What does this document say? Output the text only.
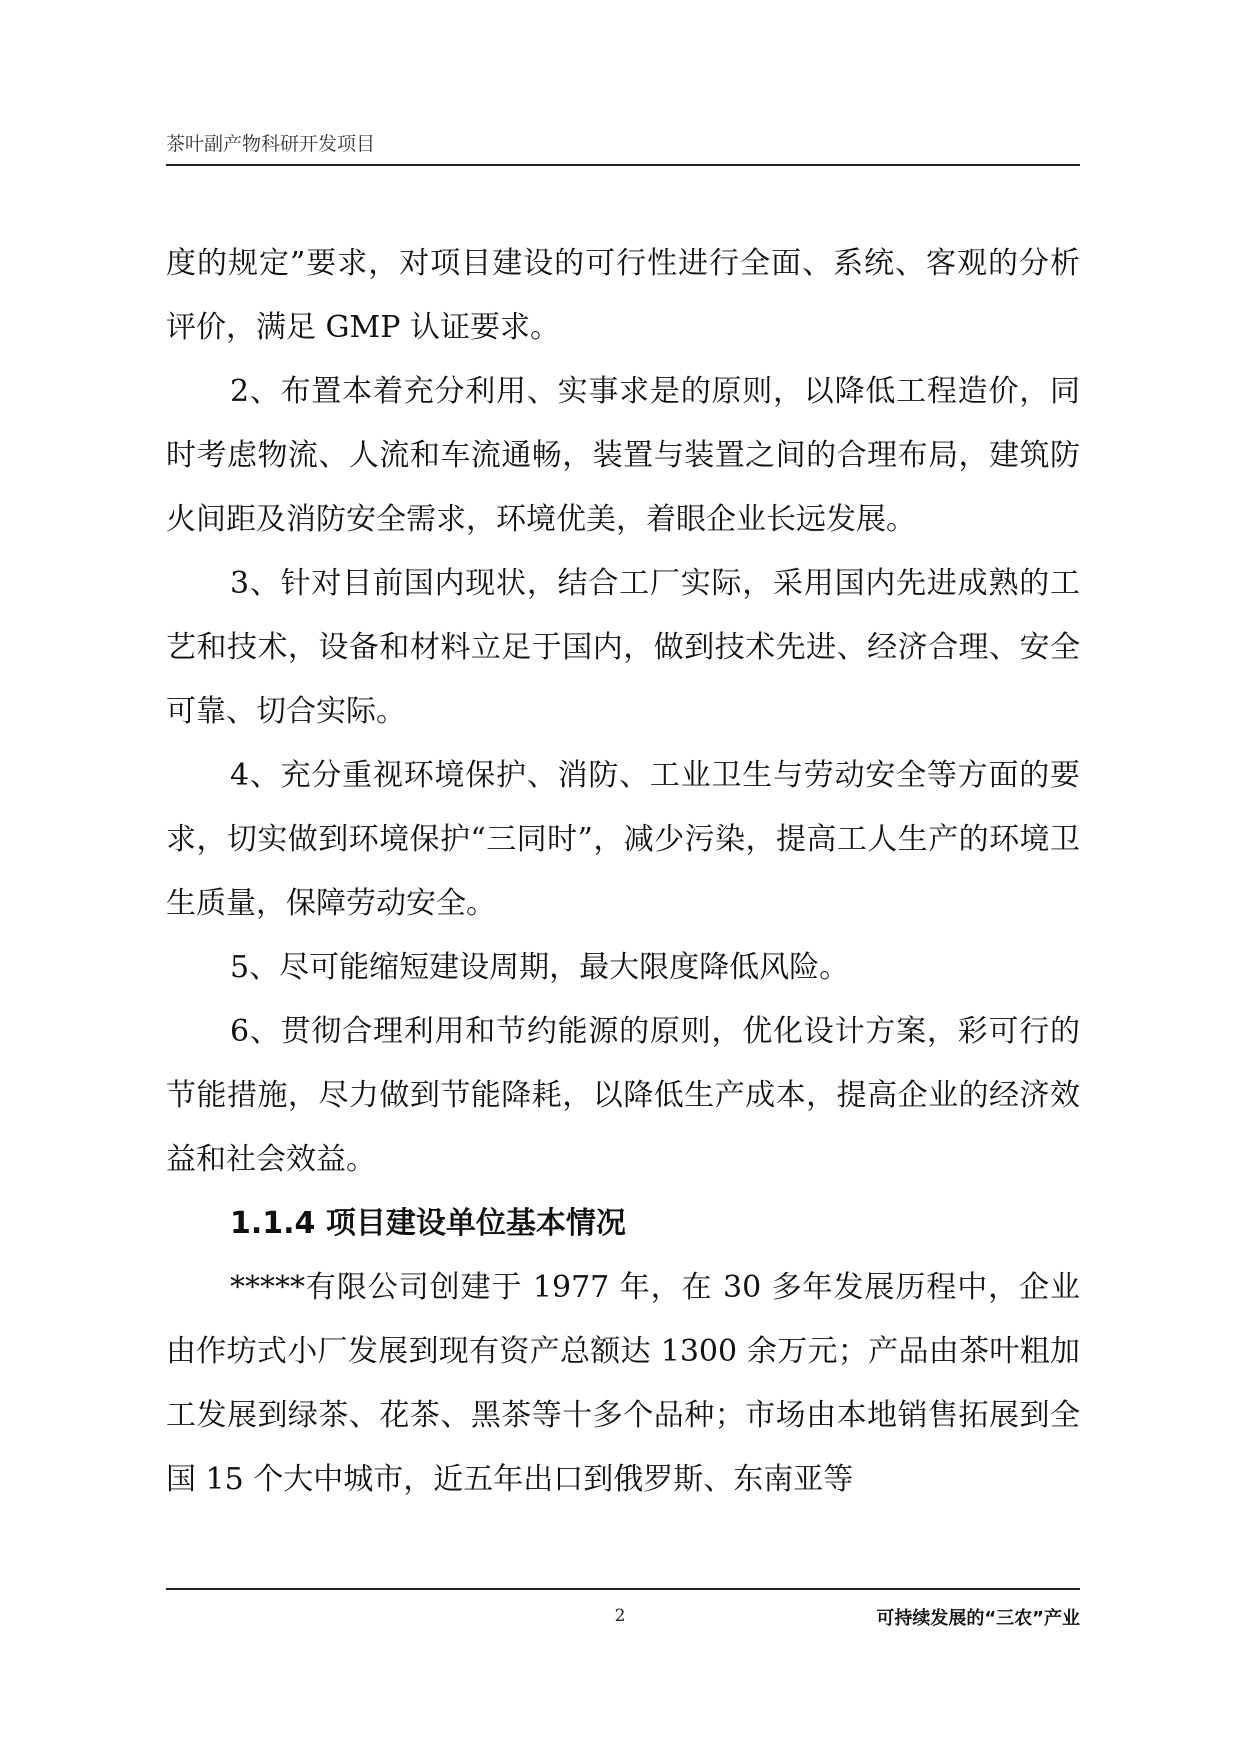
茶叶副产物科研开发项目

度的规定”要求，对项目建设的可行性进行全面、系统、客观的分析评价，满足 GMP 认证要求。

2、布置本着充分利用、实事求是的原则，以降低工程造价，同时考虑物流、人流和车流通畅，装置与装置之间的合理布局，建筑防火间距及消防安全需求，环境优美，着眼企业长远发展。

3、针对目前国内现状，结合工厂实际，采用国内先进成熟的工艺和技术，设备和材料立足于国内，做到技术先进、经济合理、安全可靠、切合实际。

4、充分重视环境保护、消防、工业卫生与劳动安全等方面的要求，切实做到环境保护“三同时”，减少污染，提高工人生产的环境卫生质量，保障劳动安全。

5、尽可能缩短建设周期，最大限度降低风险。

6、贯彻合理利用和节约能源的原则，优化设计方案，彩可行的节能措施，尽力做到节能降耗，以降低生产成本，提高企业的经济效益和社会效益。

1.1.4 项目建设单位基本情况

*****有限公司创建于 1977 年，在 30 多年发展历程中，企业由作坊式小厂发展到现有资产总额达 1300 余万元；产品由茶叶粗加工发展到绿茶、花茶、黑茶等十多个品种；市场由本地销售拓展到全国 15 个大中城市，近五年出口到俄罗斯、东南亚等

2	可持续发展的“三农”产业
